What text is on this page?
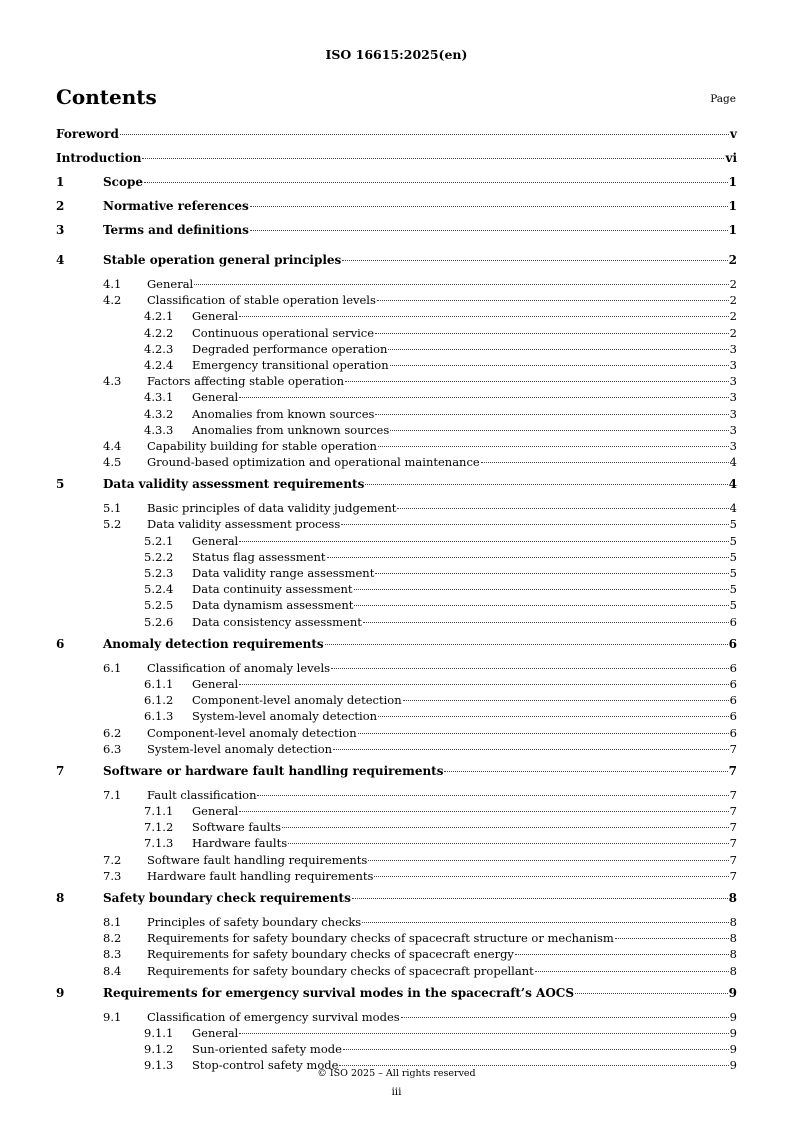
ISO 16615:2025(en)
Contents	Page
Foreword	v
Introduction	vi
1	Scope	1
2	Normative references	1
3	Terms and definitions	1
4	Stable operation general principles	2
4.1	General	2
4.2	Classification of stable operation levels	2
4.2.1	General	2
4.2.2	Continuous operational service	2
4.2.3	Degraded performance operation	3
4.2.4	Emergency transitional operation	3
4.3	Factors affecting stable operation	3
4.3.1	General	3
4.3.2	Anomalies from known sources	3
4.3.3	Anomalies from unknown sources	3
4.4	Capability building for stable operation	3
4.5	Ground-based optimization and operational maintenance	4
5	Data validity assessment requirements	4
5.1	Basic principles of data validity judgement	4
5.2	Data validity assessment process	5
5.2.1	General	5
5.2.2	Status flag assessment	5
5.2.3	Data validity range assessment	5
5.2.4	Data continuity assessment	5
5.2.5	Data dynamism assessment	5
5.2.6	Data consistency assessment	6
6	Anomaly detection requirements	6
6.1	Classification of anomaly levels	6
6.1.1	General	6
6.1.2	Component-level anomaly detection	6
6.1.3	System-level anomaly detection	6
6.2	Component-level anomaly detection	6
6.3	System-level anomaly detection	7
7	Software or hardware fault handling requirements	7
7.1	Fault classification	7
7.1.1	General	7
7.1.2	Software faults	7
7.1.3	Hardware faults	7
7.2	Software fault handling requirements	7
7.3	Hardware fault handling requirements	7
8	Safety boundary check requirements	8
8.1	Principles of safety boundary checks	8
8.2	Requirements for safety boundary checks of spacecraft structure or mechanism	8
8.3	Requirements for safety boundary checks of spacecraft energy	8
8.4	Requirements for safety boundary checks of spacecraft propellant	8
9	Requirements for emergency survival modes in the spacecraft’s AOCS	9
9.1	Classification of emergency survival modes	9
9.1.1	General	9
9.1.2	Sun-oriented safety mode	9
9.1.3	Stop-control safety mode	9
© ISO 2025 – All rights reserved
iii
